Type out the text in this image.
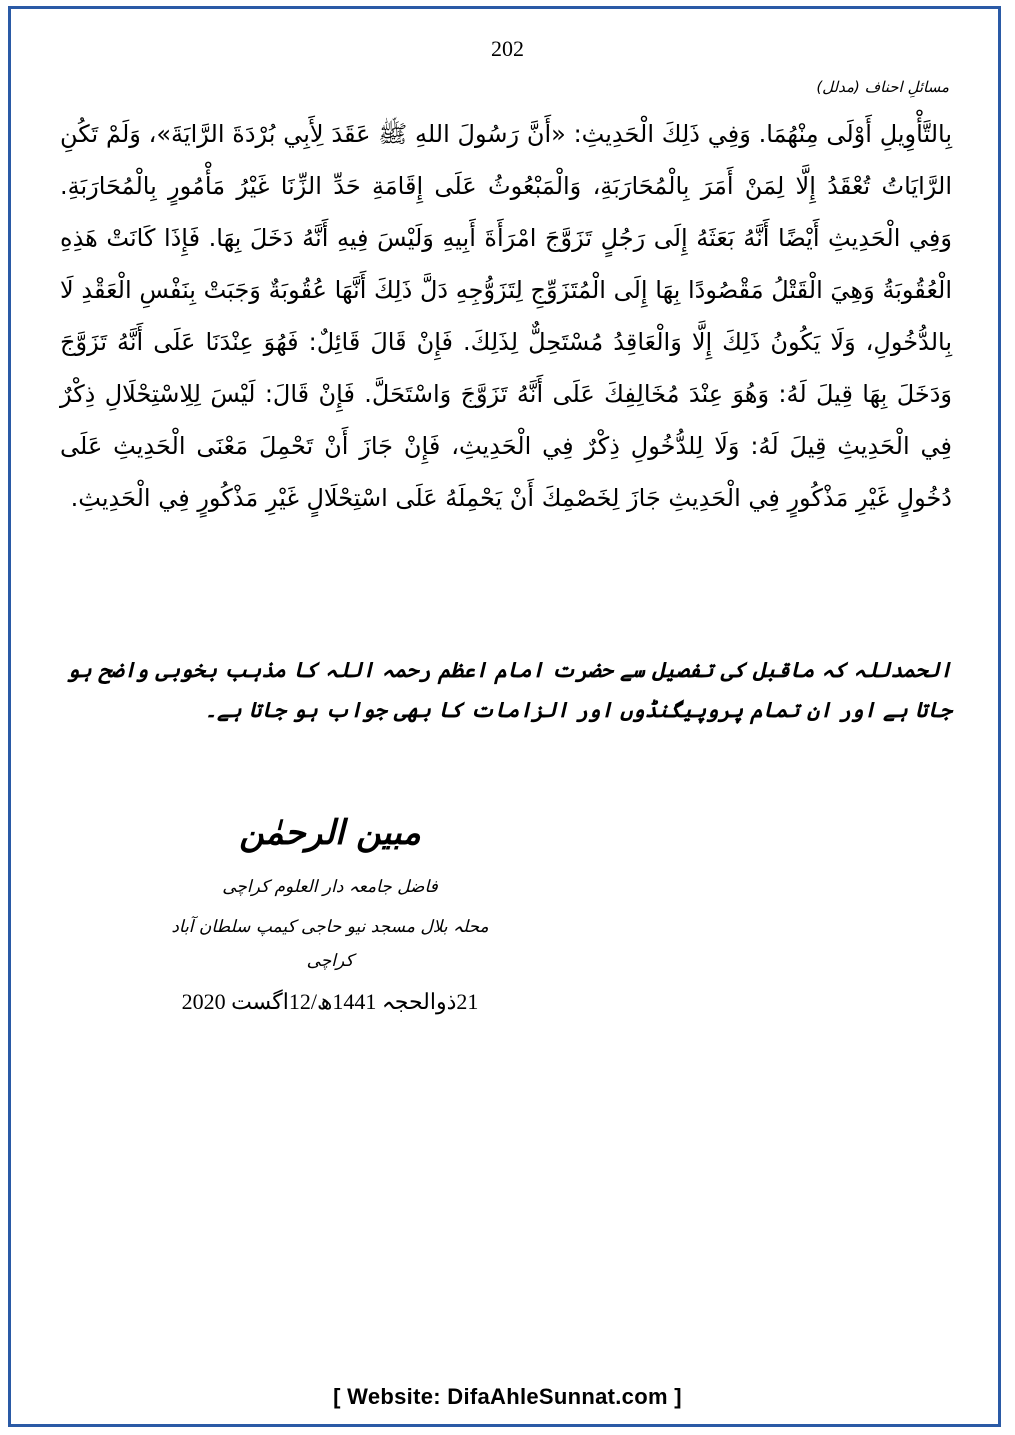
202
مسائلِ احناف (مدلل)
بِالتَّأْوِيلِ أَوْلَى مِنْهُمَا. وَفِي ذَلِكَ الْحَدِيثِ: «أَنَّ رَسُولَ اللهِ ﷺ عَقَدَ لِأَبِي بُرْدَةَ الرَّايَةَ»، وَلَمْ تَكُنِ الرَّايَاتُ تُعْقَدُ إِلَّا لِمَنْ أَمَرَ بِالْمُحَارَبَةِ، وَالْمَبْعُوثُ عَلَى إِقَامَةِ حَدِّ الزِّنَا غَيْرُ مَأْمُورٍ بِالْمُحَارَبَةِ. وَفِي الْحَدِيثِ أَيْضًا أَنَّهُ بَعَثَهُ إِلَى رَجُلٍ تَزَوَّجَ امْرَأَةَ أَبِيهِ وَلَيْسَ فِيهِ أَنَّهُ دَخَلَ بِهَا. فَإِذَا كَانَتْ هَذِهِ الْعُقُوبَةُ وَهِيَ الْقَتْلُ مَقْصُودًا بِهَا إِلَى الْمُتَزَوِّجِ لِتَزَوُّجِهِ دَلَّ ذَلِكَ أَنَّهَا عُقُوبَةٌ وَجَبَتْ بِنَفْسِ الْعَقْدِ لَا بِالدُّخُولِ، وَلَا يَكُونُ ذَلِكَ إِلَّا وَالْعَاقِدُ مُسْتَحِلٌّ لِذَلِكَ. فَإِنْ قَالَ قَائِلٌ: فَهُوَ عِنْدَنَا عَلَى أَنَّهُ تَزَوَّجَ وَدَخَلَ بِهَا قِيلَ لَهُ: وَهُوَ عِنْدَ مُخَالِفِكَ عَلَى أَنَّهُ تَزَوَّجَ وَاسْتَحَلَّ. فَإِنْ قَالَ: لَيْسَ لِلِاسْتِحْلَالِ ذِكْرٌ فِي الْحَدِيثِ قِيلَ لَهُ: وَلَا لِلدُّخُولِ ذِكْرٌ فِي الْحَدِيثِ، فَإِنْ جَازَ أَنْ تَحْمِلَ مَعْنَى الْحَدِيثِ عَلَى دُخُولٍ غَيْرِ مَذْكُورٍ فِي الْحَدِيثِ جَازَ لِخَصْمِكَ أَنْ يَحْمِلَهُ عَلَى اسْتِحْلَالٍ غَيْرِ مَذْكُورٍ فِي الْحَدِيثِ.
الحمدللہ کہ ماقبل کی تفصیل سے حضرت امام اعظم رحمہ اللہ کا مذہب بخوبی واضح ہو جاتا ہے اور ان تمام پروپیگنڈوں اور الزامات کا بھی جواب ہو جاتا ہے۔
مبین الرحمٰن
فاضل جامعہ دار العلوم کراچی
محلہ بلال مسجد نیو حاجی کیمپ سلطان آباد کراچی
21ذوالحجہ 1441ھ/12اگست 2020
[ Website: DifaAhleSunnat.com ]
